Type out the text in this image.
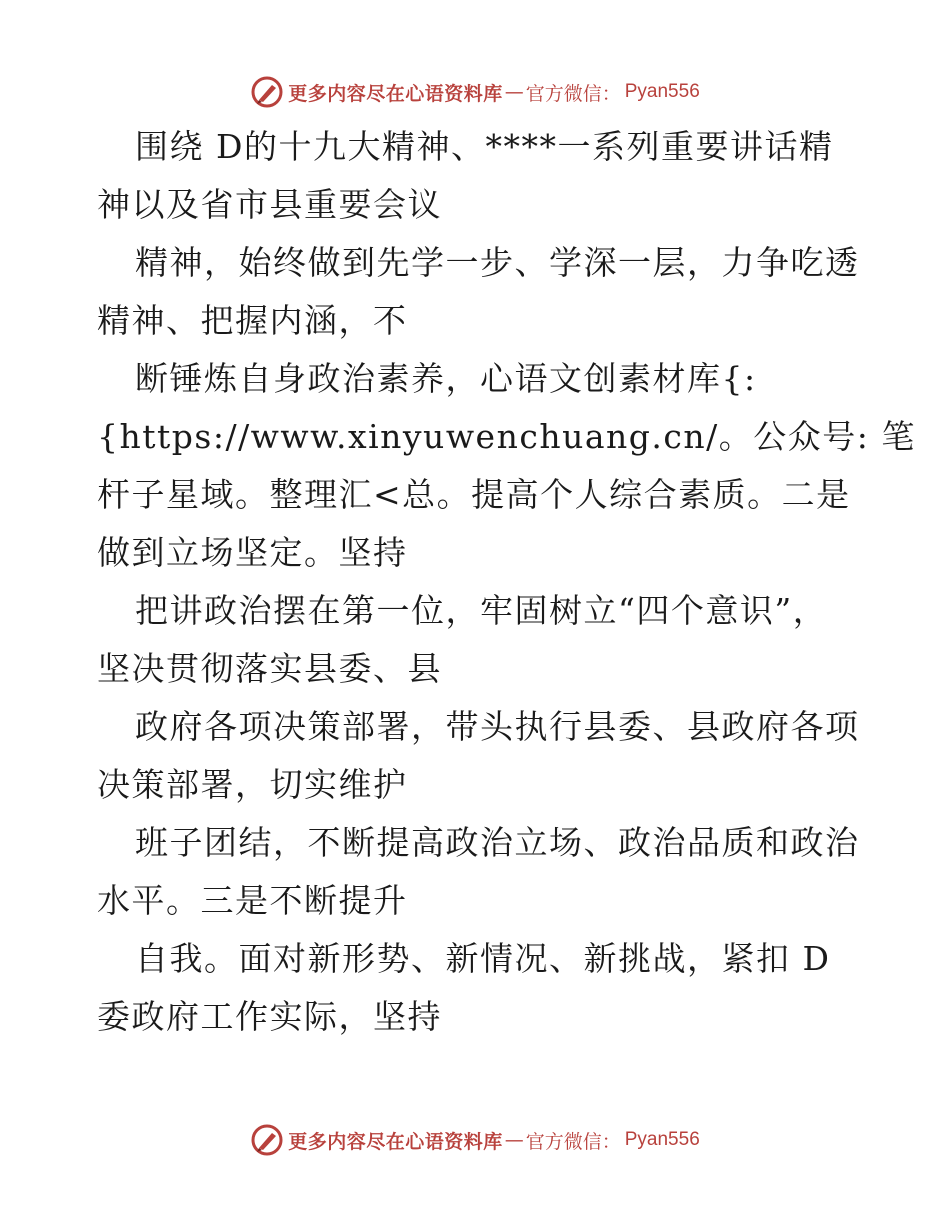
更多内容尽在心语资料库 — 官方微信： Pyan556
围绕 D的十九大精神、****一系列重要讲话精
神以及省市县重要会议
精神，始终做到先学一步、学深一层，力争吃透
精神、把握内涵，不
断锤炼自身政治素养，心语文创素材库{:
{https://www.xinyuwenchuang.cn/。公众号: 笔
杆子星域。整理汇<总。提高个人综合素质。二是
做到立场坚定。坚持
把讲政治摆在第一位，牢固树立“四个意识”，
坚决贯彻落实县委、县
政府各项决策部署，带头执行县委、县政府各项
决策部署，切实维护
班子团结，不断提高政治立场、政治品质和政治
水平。三是不断提升
自我。面对新形势、新情况、新挑战，紧扣 D
委政府工作实际，坚持
更多内容尽在心语资料库 — 官方微信： Pyan556
